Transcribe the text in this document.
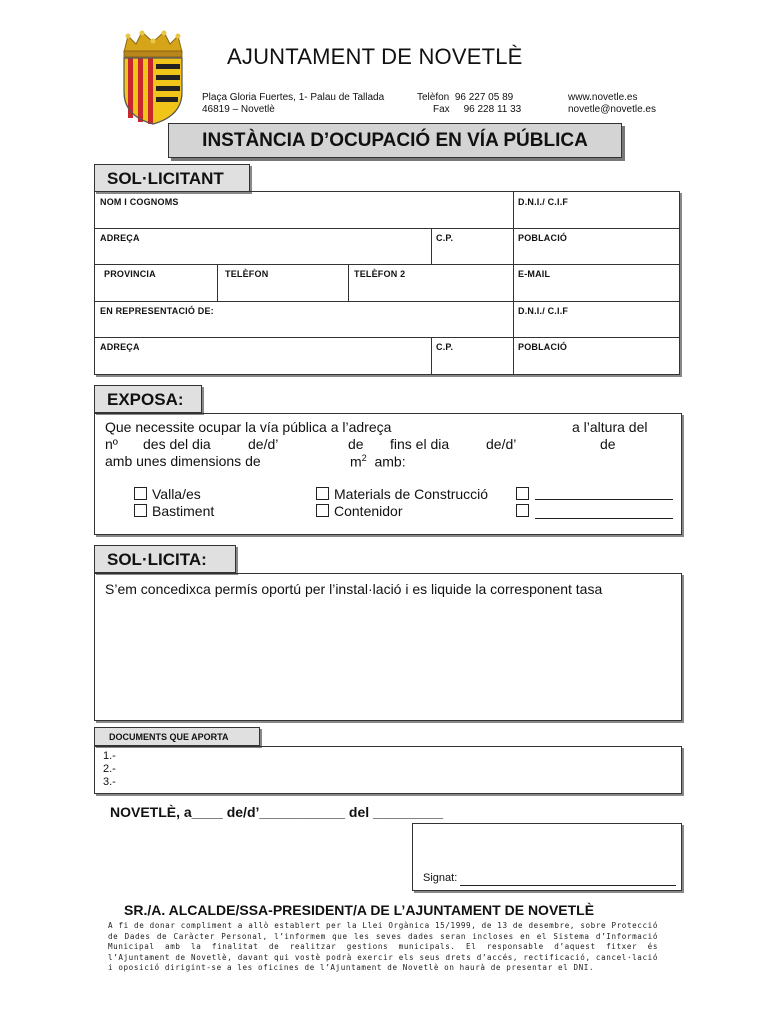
AJUNTAMENT DE NOVETLÈ
Plaça Gloria Fuertes, 1- Palau de Tallada
46819 – Novetlè
Telèfon 96 227 05 89
Fax 96 228 11 33
www.novetle.es
novetle@novetle.es
INSTÀNCIA D’OCUPACIÓ EN VÍA PÚBLICA
SOL·LICITANT
NOM I COGNOMS	D.N.I./ C.I.F
ADREÇA	C.P.	POBLACIÓ
PROVINCIA	TELÈFON	TELÈFON 2	E-MAIL
EN REPRESENTACIÓ DE:	D.N.I./ C.I.F
ADREÇA	C.P.	POBLACIÓ
EXPOSA:
Que necessite ocupar la vía pública a l’adreça	a l’altura del
nº des del dia	de/d’	de fins el dia	de/d’	de
amb unes dimensions de	$m^2$ amb:
Valla/es
Bastiment
Materials de Construcció
Contenidor
SOL·LICITA:
S’em concedixca permís oportú per l’instal·lació i es liquide la corresponent tasa
DOCUMENTS QUE APORTA
1.-
2.-
3.-
NOVETLÈ, a____ de/d’___________ del _________
Signat:
SR./A. ALCALDE/SSA-PRESIDENT/A DE L’AJUNTAMENT DE NOVETLÈ
A fi de donar compliment a allò establert per la Llei Orgànica 15/1999, de 13 de desembre, sobre Protecció de Dades de Caràcter Personal, l’informem que les seves dades seran incloses en el Sistema d’Informació Municipal amb la finalitat de realitzar gestions municipals. El responsable d’aquest fitxer és l’Ajuntament de Novetlè, davant qui vostè podrà exercir els seus drets d’accés, rectificació, cancel·lació i oposició dirigint-se a les oficines de l’Ajuntament de Novetlè on haurà de presentar el DNI.
